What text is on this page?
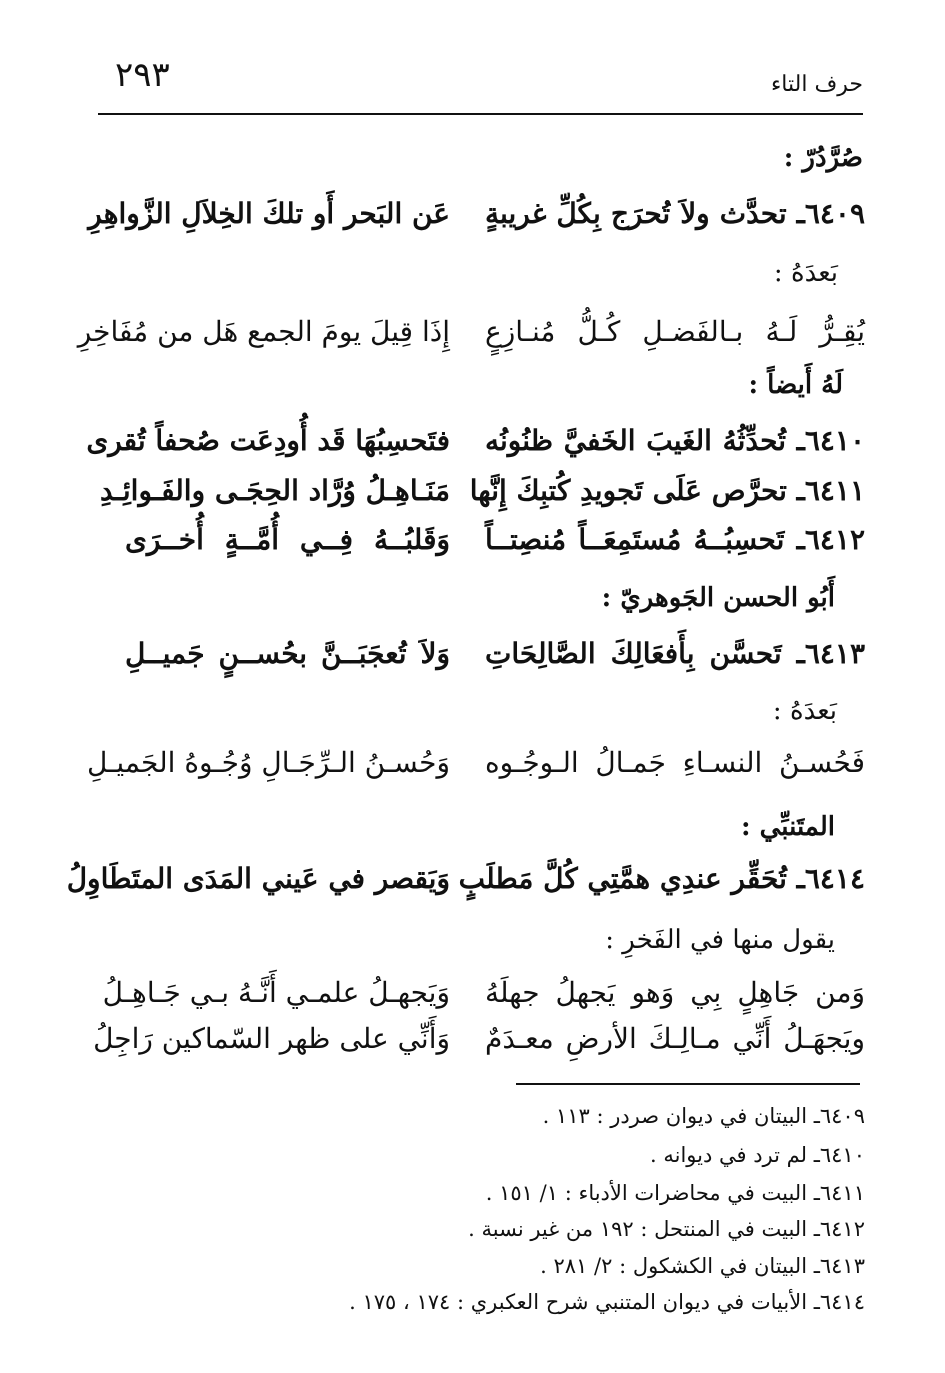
٢٩٣	حرف التاء
صُرَّدُرّ :
٦٤٠٩ـ تحدَّث ولاَ تُحرَج بِكُلِّ غريبةٍ
عَن البَحر أَو تلكَ الخِلاَلِ الزَّواهِرِ
بَعدَهُ :
يُقِـرُّ لَـهُ بـالفَضـلِ كُـلُّ مُنـازِعٍ
إِذَا قِيلَ يومَ الجمع هَل من مُفَاخِرِ
لَهُ أَيضاً :
٦٤١٠ـ تُحدِّثُهُ الغَيبَ الخَفيَّ ظنُونُه
فتَحسِبُهَا قَد أُودِعَت صُحفاً تُقرى
٦٤١١ـ تحرَّص عَلَى تَجويدِ كُتبِكَ إِنَّها
مَنَـاهِـلُ وُرَّاد الحِجَـى والفَـوائِـدِ
٦٤١٢ـ تَحسِبُــهُ مُستَمِعَــاً مُنصِتــاً
وَقَلبُــهُ فِــي أُمَّــةٍ أُخــرَى
أَبُو الحسن الجَوهريّ :
٦٤١٣ـ تَحسَّن بِأَفعَالِكَ الصَّالِحَاتِ
وَلاَ تُعجَبَــنَّ بحُســنٍ جَميــلِ
بَعدَهُ :
فَحُسـنُ النسـاءِ جَمـالُ الـوجُـوه
وَحُسـنُ الـرِّجَـالِ وُجُـوهُ الجَميـلِ
المتَنبِّي :
٦٤١٤ـ تُحَقِّر عندِي همَّتِي كُلَّ مَطلَبٍ
وَيَقصر في عَيني المَدَى المتَطَاوِلُ
يقول منها في الفَخرِ :
وَمن جَاهِلٍ بِي وَهو يَجهلُ جهلَهُ
وَيَجهـلُ علمـي أَنَّـهُ بـي جَـاهِـلُ
ويَجهَـلُ أَنِّي مـالِـكَ الأرضِ معـدَمٌ
وَأَنِّي على ظهر السّماكين رَاجِلُ
٦٤٠٩ـ البيتان في ديوان صردر : ١١٣ .
٦٤١٠ـ لم ترد في ديوانه .
٦٤١١ـ البيت في محاضرات الأدباء : ١/ ١٥١ .
٦٤١٢ـ البيت في المنتحل : ١٩٢ من غير نسبة .
٦٤١٣ـ البيتان في الكشكول : ٢/ ٢٨١ .
٦٤١٤ـ الأبيات في ديوان المتنبي شرح العكبري : ١٧٤ ، ١٧٥ .
